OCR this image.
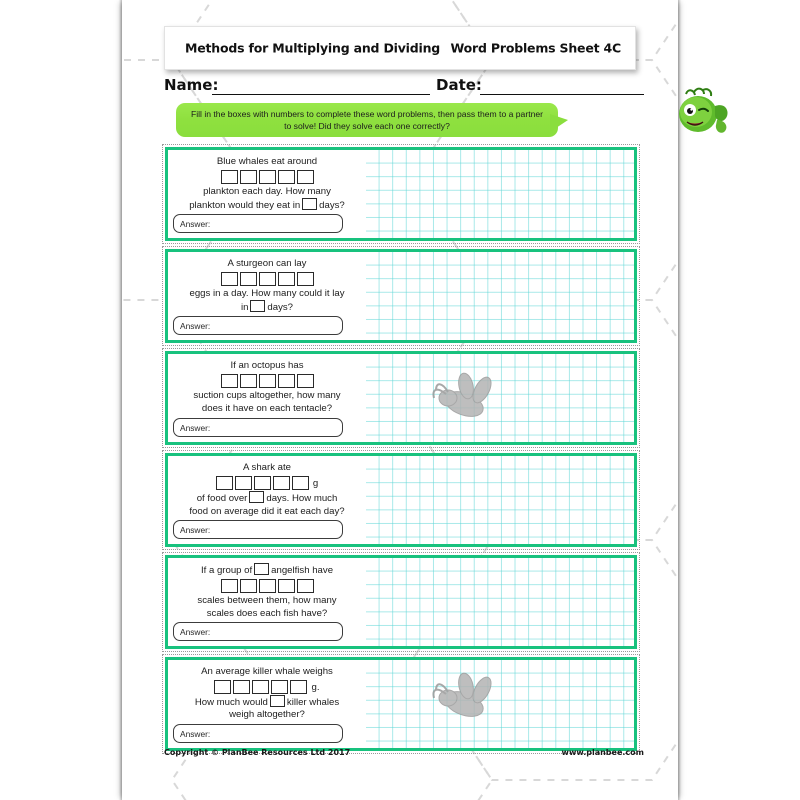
Methods for Multiplying and Dividing Word Problems Sheet 4C
Name:	Date:
Fill in the boxes with numbers to complete these word problems, then pass them to a partner to solve! Did they solve each one correctly?
Blue whales eat around
plankton each day. How many
plankton would they eat in days?
Answer:
A sturgeon can lay
eggs in a day. How many could it lay
in days?
Answer:
If an octopus has
suction cups altogether, how many
does it have on each tentacle?
Answer:
A shark ate
g
of food over days. How much
food on average did it eat each day?
Answer:
If a group of angelfish have
scales between them, how many
scales does each fish have?
Answer:
An average killer whale weighs
g.
How much would killer whales
weigh altogether?
Answer:
Copyright © PlanBee Resources Ltd 2017	www.planbee.com
